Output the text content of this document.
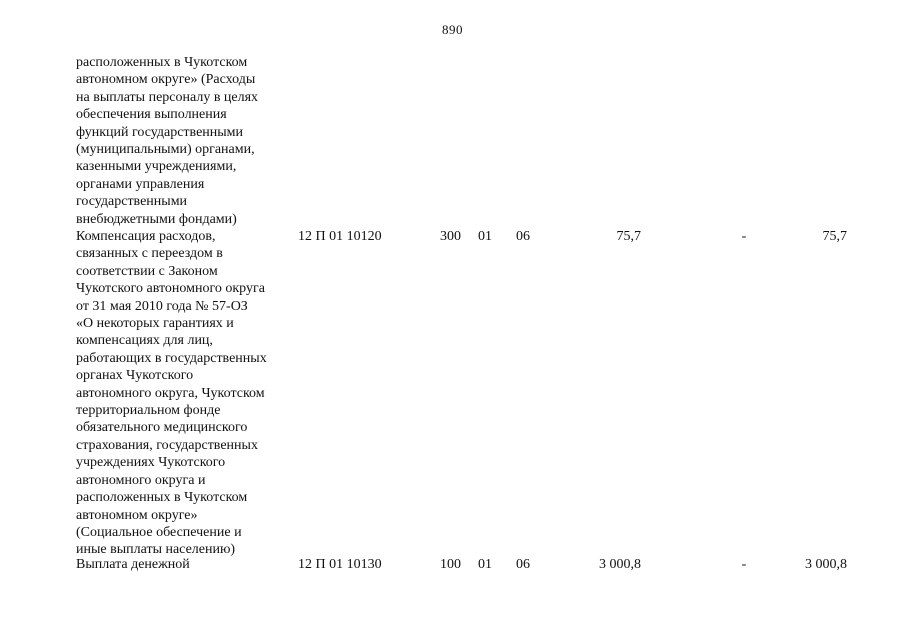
890
расположенных в Чукотском
автономном округе» (Расходы
на выплаты персоналу в целях
обеспечения выполнения
функций государственными
(муниципальными) органами,
казенными учреждениями,
органами управления
государственными
внебюджетными фондами)
Компенсация расходов,
связанных с переездом в
соответствии с Законом
Чукотского автономного округа
от 31 мая 2010 года № 57-ОЗ
«О некоторых гарантиях и
компенсациях для лиц,
работающих в государственных
органах Чукотского
автономного округа, Чукотском
территориальном фонде
обязательного медицинского
страхования, государственных
учреждениях Чукотского
автономного округа и
расположенных в Чукотском
автономном округе»
(Социальное обеспечение и
иные выплаты населению)
12 П 01 10120	300 01 06	75,7	-	75,7
Выплата денежной	12 П 01 10130	100 01 06	3 000,8	-	3 000,8
